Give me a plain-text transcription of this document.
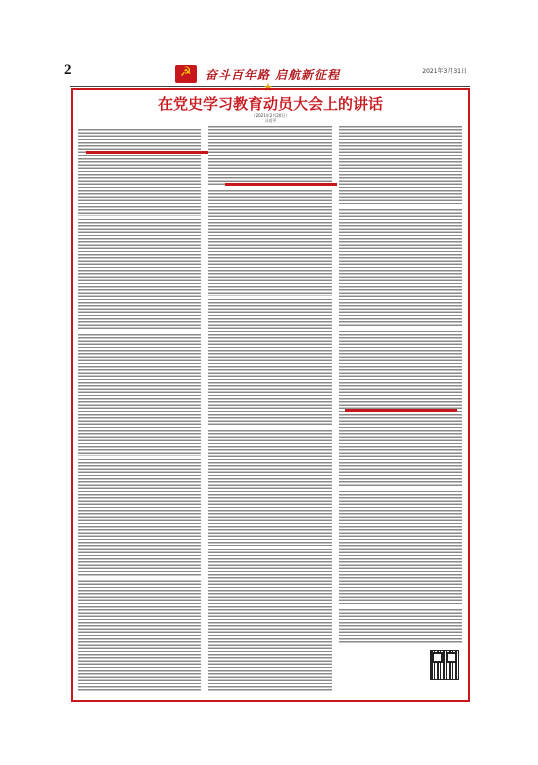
2
☭	奋斗百年路 启航新征程	2021年3月31日
★
在党史学习教育动员大会上的讲话
（2021年2月20日）
习近平
